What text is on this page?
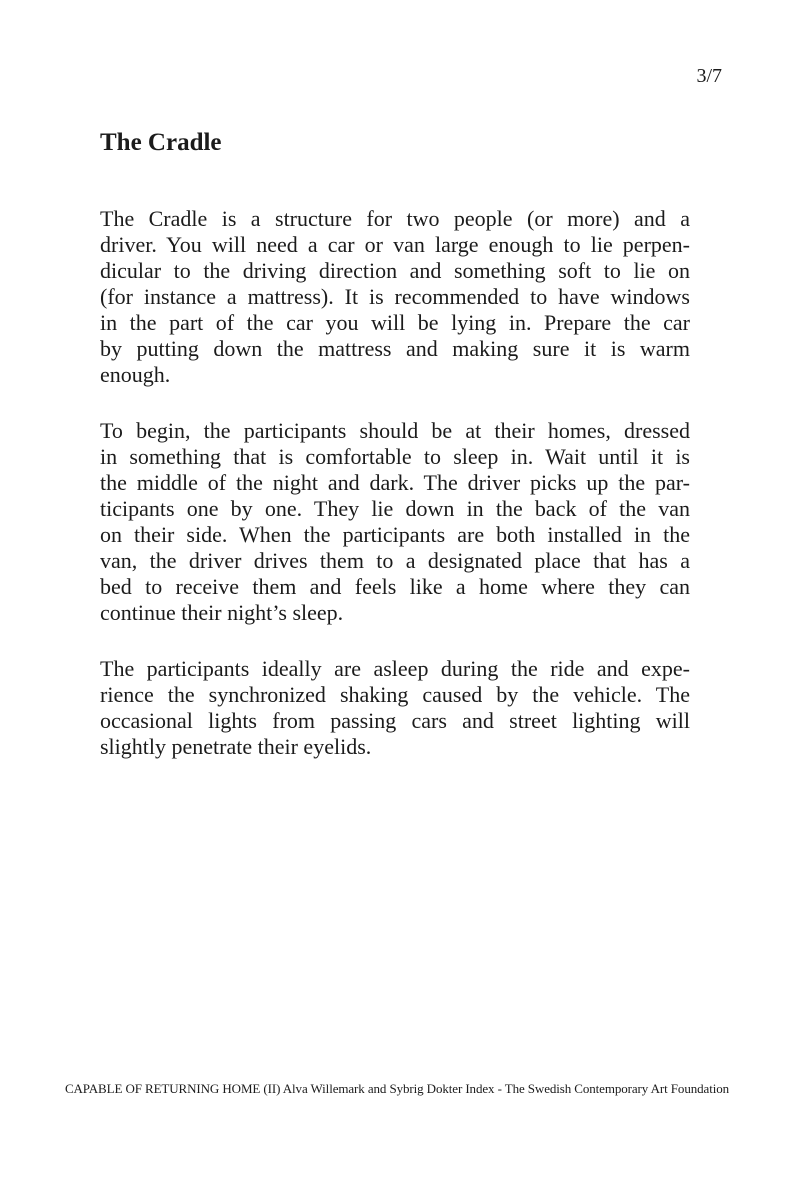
3/7
The Cradle
The Cradle is a structure for two people (or more) and a
driver. You will need a car or van large enough to lie perpen-
dicular to the driving direction and something soft to lie on
(for instance a mattress). It is recommended to have windows
in the part of the car you will be lying in. Prepare the car
by putting down the mattress and making sure it is warm
enough.
To begin, the participants should be at their homes, dressed
in something that is comfortable to sleep in. Wait until it is
the middle of the night and dark. The driver picks up the par-
ticipants one by one. They lie down in the back of the van
on their side. When the participants are both installed in the
van, the driver drives them to a designated place that has a
bed to receive them and feels like a home where they can
continue their night’s sleep.
The participants ideally are asleep during the ride and expe-
rience the synchronized shaking caused by the vehicle. The
occasional lights from passing cars and street lighting will
slightly penetrate their eyelids.
CAPABLE OF RETURNING HOME (II) Alva Willemark and Sybrig Dokter Index - The Swedish Contemporary Art Foundation
